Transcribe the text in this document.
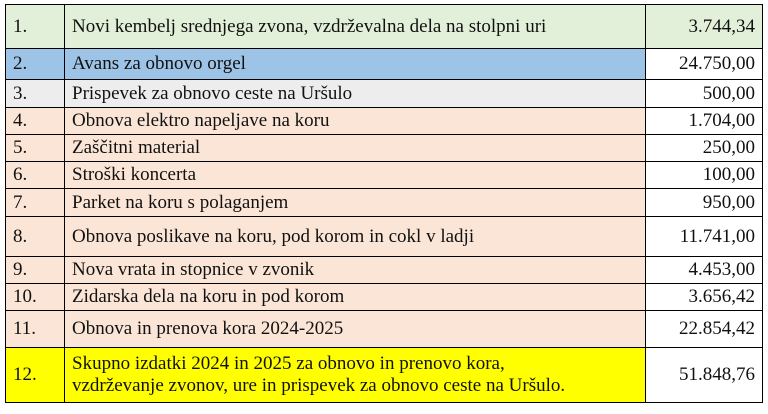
1.	Novi kembelj srednjega zvona, vzdrževalna dela na stolpni uri	3.744,34
2.	Avans za obnovo orgel	24.750,00
3.	Prispevek za obnovo ceste na Uršulo	500,00
4.	Obnova elektro napeljave na koru	1.704,00
5.	Zaščitni material	250,00
6.	Stroški koncerta	100,00
7.	Parket na koru s polaganjem	950,00
8.	Obnova poslikave na koru, pod korom in cokl v ladji	11.741,00
9.	Nova vrata in stopnice v zvonik	4.453,00
10.	Zidarska dela na koru in pod korom	3.656,42
11.	Obnova in prenova kora 2024-2025	22.854,42
12.	Skupno izdatki 2024 in 2025 za obnovo in prenovo kora,
vzdrževanje zvonov, ure in prispevek za obnovo ceste na Uršulo.	51.848,76
